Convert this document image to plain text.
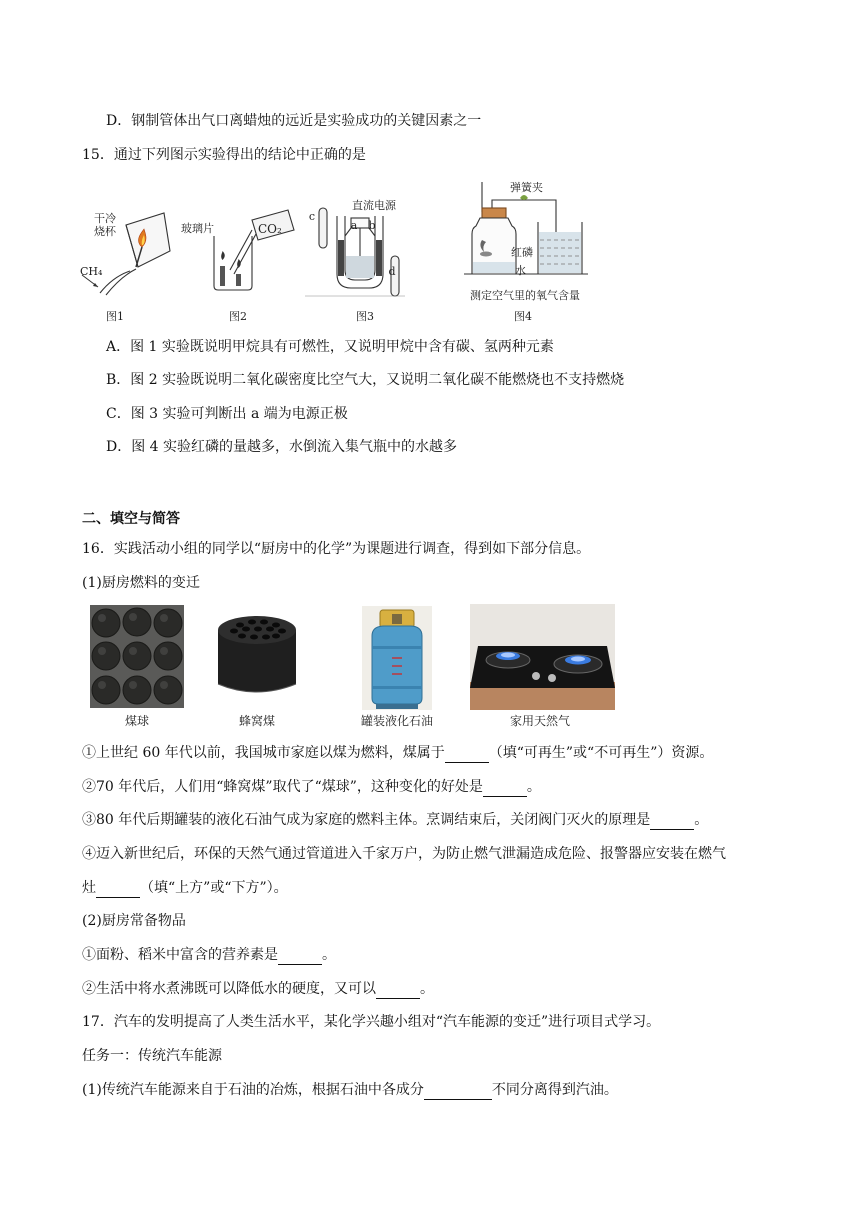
D．钢制管体出气口离蜡烛的远近是实验成功的关键因素之一
15．通过下列图示实验得出的结论中正确的是
干冷
烧杯
CH₄
图1
玻璃片	CO₂
图2
直流电源
a b
c
d
图3
弹簧夹
红磷
水
测定空气里的氧气含量
图4
A．图 1 实验既说明甲烷具有可燃性，又说明甲烷中含有碳、氢两种元素
B．图 2 实验既说明二氧化碳密度比空气大，又说明二氧化碳不能燃烧也不支持燃烧
C．图 3 实验可判断出 a 端为电源正极
D．图 4 实验红磷的量越多，水倒流入集气瓶中的水越多
二、填空与简答
16．实践活动小组的同学以“厨房中的化学”为课题进行调查，得到如下部分信息。
(1)厨房燃料的变迁
煤球	蜂窝煤	罐装液化石油	家用天然气
①上世纪 60 年代以前，我国城市家庭以煤为燃料，煤属于	（填“可再生”或“不可再生”）资源。
②70 年代后，人们用“蜂窝煤”取代了“煤球”，这种变化的好处是	。
③80 年代后期罐装的液化石油气成为家庭的燃料主体。烹调结束后，关闭阀门灭火的原理是	。
④迈入新世纪后，环保的天然气通过管道进入千家万户，为防止燃气泄漏造成危险、报警器应安装在燃气
灶	（填“上方”或“下方”）。
(2)厨房常备物品
①面粉、稻米中富含的营养素是	。
②生活中将水煮沸既可以降低水的硬度，又可以	。
17．汽车的发明提高了人类生活水平，某化学兴趣小组对“汽车能源的变迁”进行项目式学习。
任务一：传统汽车能源
(1)传统汽车能源来自于石油的冶炼，根据石油中各成分	不同分离得到汽油。
